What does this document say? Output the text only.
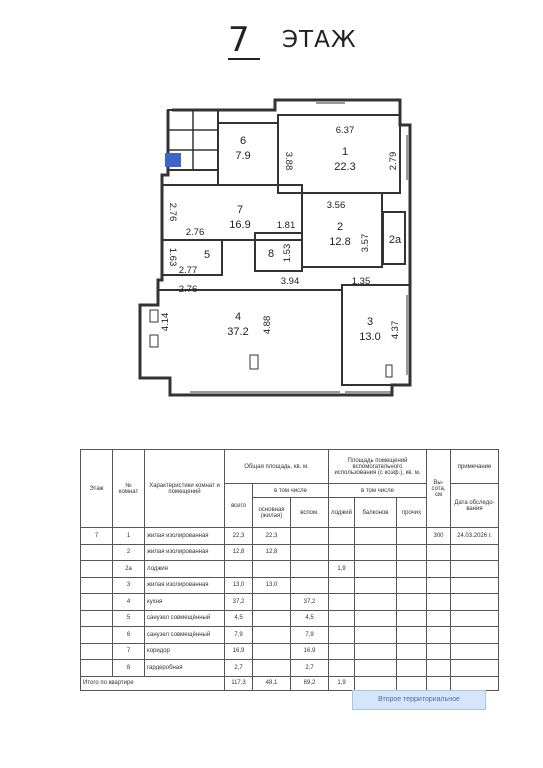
7 ЭТАЖ
1
22.3
2
12.8	2a
3
13.0
4
37.2
5
6
7.9
7
16.9
8
6.37
3.88	2.79
3.56
2.76
2.76
1.81
1.53
3.57
1.63
2.77
2.76
3.94	1.35
4.14	4.88	4.37
Этаж	№ комнат	Характеристики комнат и помещений	Общая площадь, кв. м.			Площадь помещений вспомогательного использования (с коэф.), кв. м.			Вы-сота, см	примечание
			всего	в том числе		в том числе				Дата обследо-вания
				основная (жилая)	вспом.	лоджий	балконов	прочих		
7	1	жилая изолированная	22,3	22,3					300	24.03.2026 г.
	2	жилая изолированная	12,8	12,8						
	2а	лоджия				1,9				
	3	жилая изолированная	13,0	13,0						
	4	кухня	37,2		37,2					
	5	санузел совмещённый	4,5		4,5					
	6	санузел совмещённый	7,9		7,9					
	7	коридор	16,9		16,9					
	8	гардеробная	2,7		2,7					
Итого по квартире			117,3	48,1	69,2	1,9				
Второе территориальное
